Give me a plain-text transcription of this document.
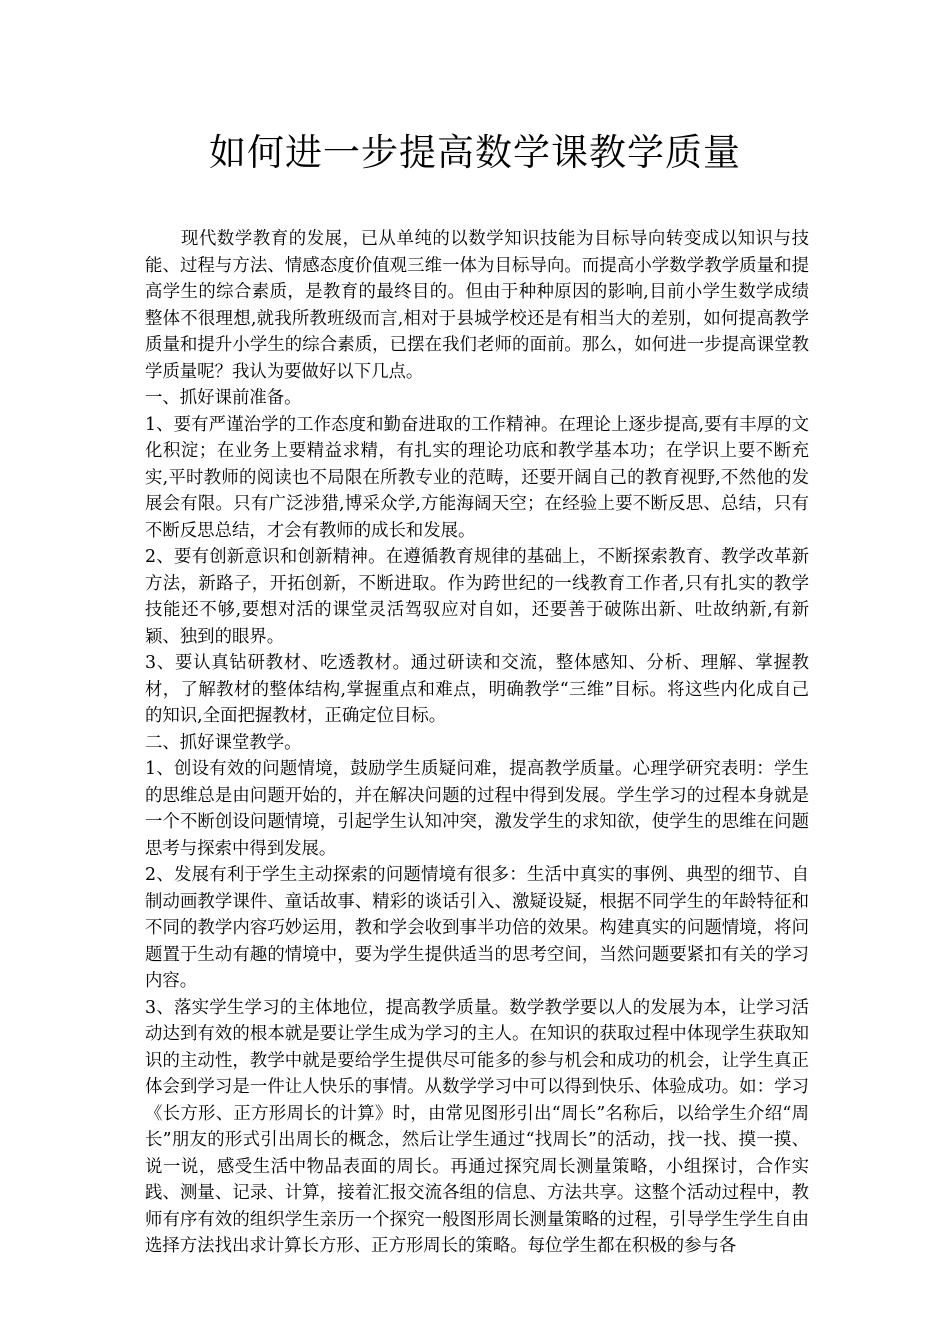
如何进一步提高数学课教学质量

现代数学教育的发展，已从单纯的以数学知识技能为目标导向转变成以知识与技能、过程与方法、情感态度价值观三维一体为目标导向。而提高小学数学教学质量和提高学生的综合素质，是教育的最终目的。但由于种种原因的影响,目前小学生数学成绩整体不很理想,就我所教班级而言,相对于县城学校还是有相当大的差别，如何提高教学质量和提升小学生的综合素质，已摆在我们老师的面前。那么，如何进一步提高课堂教学质量呢？我认为要做好以下几点。

一、抓好课前准备。

1、要有严谨治学的工作态度和勤奋进取的工作精神。在理论上逐步提高,要有丰厚的文化积淀；在业务上要精益求精，有扎实的理论功底和教学基本功；在学识上要不断充实,平时教师的阅读也不局限在所教专业的范畴，还要开阔自己的教育视野,不然他的发展会有限。只有广泛涉猎,博采众学,方能海阔天空；在经验上要不断反思、总结，只有不断反思总结，才会有教师的成长和发展。

2、要有创新意识和创新精神。在遵循教育规律的基础上，不断探索教育、教学改革新方法，新路子，开拓创新，不断进取。作为跨世纪的一线教育工作者,只有扎实的教学技能还不够,要想对活的课堂灵活驾驭应对自如，还要善于破陈出新、吐故纳新,有新颖、独到的眼界。

3、要认真钻研教材、吃透教材。通过研读和交流，整体感知、分析、理解、掌握教材，了解教材的整体结构,掌握重点和难点，明确教学“三维”目标。将这些内化成自己的知识,全面把握教材，正确定位目标。

二、抓好课堂教学。

1、创设有效的问题情境，鼓励学生质疑问难，提高教学质量。心理学研究表明：学生的思维总是由问题开始的，并在解决问题的过程中得到发展。学生学习的过程本身就是一个不断创设问题情境，引起学生认知冲突，激发学生的求知欲，使学生的思维在问题思考与探索中得到发展。

2、发展有利于学生主动探索的问题情境有很多：生活中真实的事例、典型的细节、自制动画教学课件、童话故事、精彩的谈话引入、激疑设疑，根据不同学生的年龄特征和不同的教学内容巧妙运用，教和学会收到事半功倍的效果。构建真实的问题情境，将问题置于生动有趣的情境中，要为学生提供适当的思考空间，当然问题要紧扣有关的学习内容。

3、落实学生学习的主体地位，提高教学质量。数学教学要以人的发展为本，让学习活动达到有效的根本就是要让学生成为学习的主人。在知识的获取过程中体现学生获取知识的主动性，教学中就是要给学生提供尽可能多的参与机会和成功的机会，让学生真正体会到学习是一件让人快乐的事情。从数学学习中可以得到快乐、体验成功。如：学习《长方形、正方形周长的计算》时，由常见图形引出“周长”名称后，以给学生介绍“周长”朋友的形式引出周长的概念，然后让学生通过“找周长”的活动，找一找、摸一摸、说一说，感受生活中物品表面的周长。再通过探究周长测量策略，小组探讨，合作实践、测量、记录、计算，接着汇报交流各组的信息、方法共享。这整个活动过程中，教师有序有效的组织学生亲历一个探究一般图形周长测量策略的过程，引导学生学生自由选择方法找出求计算长方形、正方形周长的策略。每位学生都在积极的参与各
